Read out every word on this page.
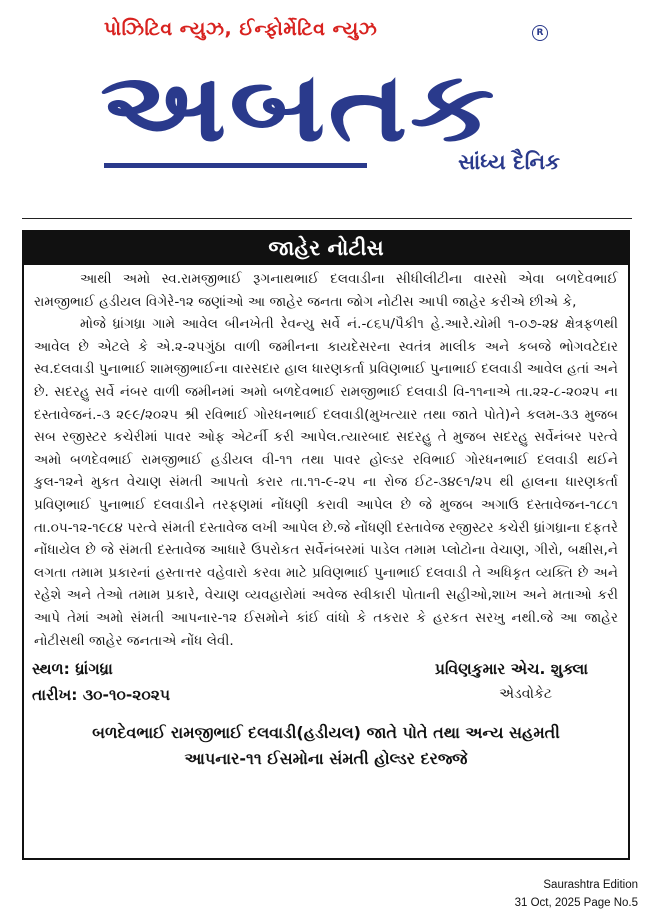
પોઝિટિવ ન્યુઝ, ઈન્ફોર્મેટિવ ન્યુઝ	R
અબતક
સાંધ્ય દૈનિક
જાહેર નોટીસ

આથી અમો સ્વ.રામજીભાઈ રૂગનાથભાઈ દલવાડીના સીધીલીટીના વારસો એવા બળદેવભાઈ રામજીભાઈ હડીયલ વિગેરે-૧૨ જણાંઓ આ જાહેર જનતા જોગ નોટીસ આપી જાહેર કરીએ છીએ કે,

મોજે ધ્રાંગધ્રા ગામે આવેલ બીનખેતી રેવન્યુ સર્વે નં.-૮૬૫/પૈકી૧ હે.આરે.ચોમી ૧-૦૭-૨૪ ક્ષેત્રફળથી આવેલ છે એટલે કે એ.૨-૨૫ગુંઠા વાળી જમીનના કાયદેસરના સ્વતંત્ર માલીક અને કબજે ભોગવટેદાર સ્વ.દલવાડી પુનાભાઈ શામજીભાઈના વારસદાર હાલ ધારણકર્તા પ્રવિણભાઈ પુનાભાઈ દલવાડી આવેલ હતાં અને છે. સદરહુ સર્વે નંબર વાળી જમીનમાં અમો બળદેવભાઈ રામજીભાઈ દલવાડી વિ-૧૧નાએ તા.૨૨-૮-૨૦૨૫ ના દસ્તાવેજનં.-૩ ૨૯૯/૨૦૨૫ શ્રી રવિભાઈ ગોરધનભાઈ દલવાડી(મુખત્યાર તથા જાતે પોતે)ને કલમ-૩૩ મુજબ સબ રજીસ્ટર કચેરીમાં પાવર ઓફ એટર્ની કરી આપેલ.ત્યારબાદ સદરહુ તે મુજબ સદરહુ સર્વેનંબર પરત્વે અમો બળદેવભાઈ રામજીભાઈ હડીયલ વી-૧૧ તથા પાવર હોલ્ડર રવિભાઈ ગોરધનભાઈ દલવાડી થઈને કુલ-૧૨ને મુકત વેચાણ સંમતી આપતો કરાર તા.૧૧-૯-૨૫ ના રોજ ઈટ-૩૪૯૧/૨૫ થી હાલના ધારણકર્તા પ્રવિણભાઈ પુનાભાઈ દલવાડીને તરફણમાં નોંધણી કરાવી આપેલ છે જે મુજબ અગાઉ દસ્તાવેજન-૧૮૮૧ તા.૦૫-૧૨-૧૯૮૪ પરત્વે સંમતી દસ્તાવેજ લખી આપેલ છે.જે નોંધણી દસ્તાવેજ રજીસ્ટર કચેરી ધ્રાંગધ્રાના દફતરે નોંધાયેલ છે જે સંમતી દસ્તાવેજ આધારે ઉપરોકત સર્વેનંબરમાં પાડેલ તમામ પ્લોટોના વેચાણ, ગીરો, બક્ષીસ,ને લગતા તમામ પ્રકારનાં હસ્તાત્તર વહેવારો કરવા માટે પ્રવિણભાઈ પુનાભાઈ દલવાડી તે અધિકૃત વ્યક્તિ છે અને રહેશે અને તેઓ તમામ પ્રકારે, વેચાણ વ્યવહારોમાં અવેજ સ્વીકારી પોતાની સહીઓ,શાખ અને મતાઓ કરી આપે તેમાં અમો સંમતી આપનાર-૧૨ ઈસમોને કાંઈ વાંધો કે તકરાર કે હરકત સરખુ નથી.જે આ જાહેર નોટીસથી જાહેર જનતાએ નોંધ લેવી.

સ્થળ: ધ્રાંગધ્રા
તારીખ: ૩૦-૧૦-૨૦૨૫
પ્રવિણકુમાર એચ. શુક્લા
એડવોકેટ
બળદેવભાઈ રામજીભાઈ દલવાડી(હડીયલ) જાતે પોતે તથા અન્ય સહમતી
આપનાર-૧૧ ઈસમોના સંમતી હોલ્ડર દરજ્જે
Saurashtra Edition
31 Oct, 2025 Page No.5
